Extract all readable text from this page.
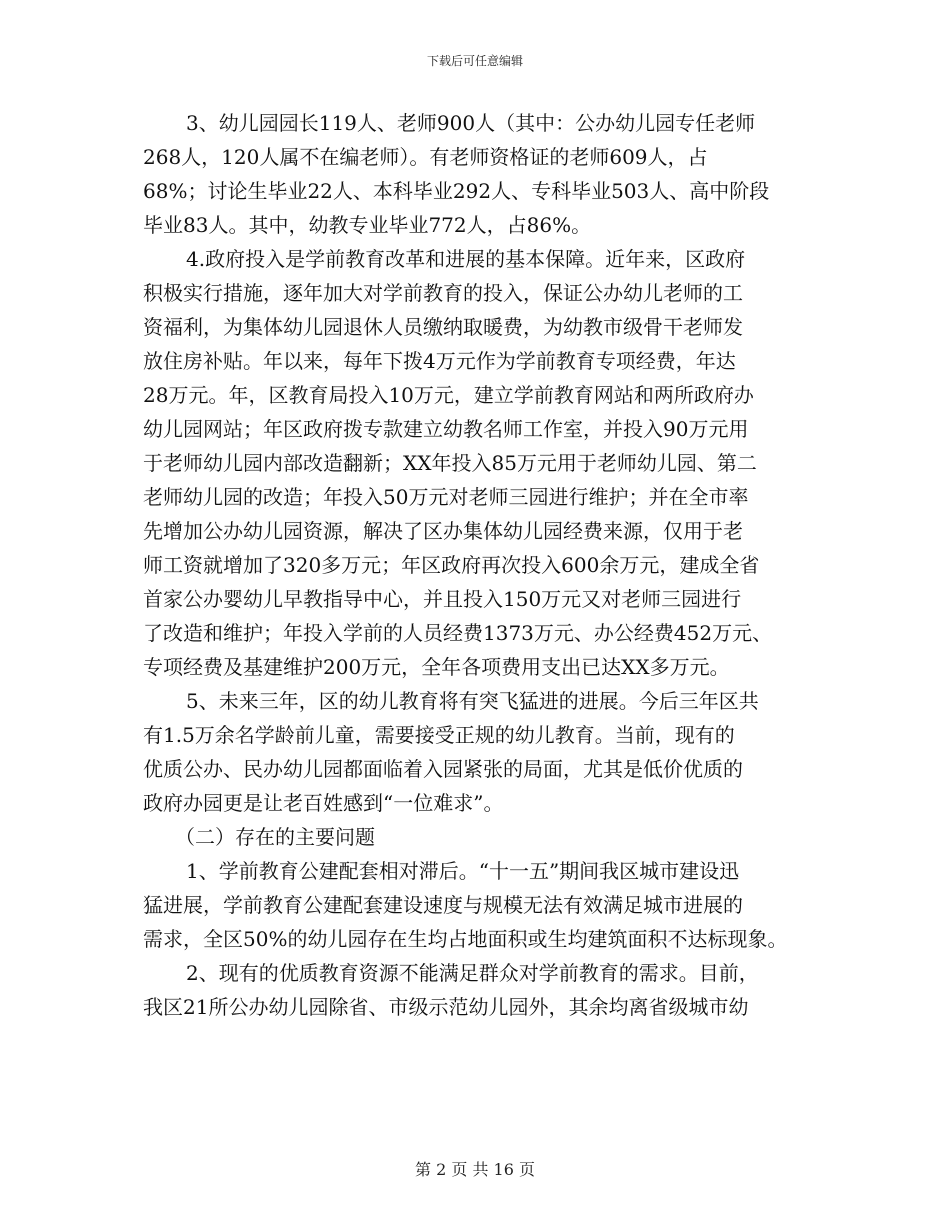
下载后可任意编辑
3、幼儿园园长119人、老师900人（其中：公办幼儿园专任老师
268人，120人属不在编老师）。有老师资格证的老师609人，占
68%；讨论生毕业22人、本科毕业292人、专科毕业503人、高中阶段
毕业83人。其中，幼教专业毕业772人，占86%。
4.政府投入是学前教育改革和进展的基本保障。近年来，区政府
积极实行措施，逐年加大对学前教育的投入，保证公办幼儿老师的工
资福利，为集体幼儿园退休人员缴纳取暖费，为幼教市级骨干老师发
放住房补贴。年以来，每年下拨4万元作为学前教育专项经费，年达
28万元。年，区教育局投入10万元，建立学前教育网站和两所政府办
幼儿园网站；年区政府拨专款建立幼教名师工作室，并投入90万元用
于老师幼儿园内部改造翻新；XX年投入85万元用于老师幼儿园、第二
老师幼儿园的改造；年投入50万元对老师三园进行维护；并在全市率
先增加公办幼儿园资源，解决了区办集体幼儿园经费来源，仅用于老
师工资就增加了320多万元；年区政府再次投入600余万元，建成全省
首家公办婴幼儿早教指导中心，并且投入150万元又对老师三园进行
了改造和维护；年投入学前的人员经费1373万元、办公经费452万元、
专项经费及基建维护200万元，全年各项费用支出已达XX多万元。
5、未来三年，区的幼儿教育将有突飞猛进的进展。今后三年区共
有1.5万余名学龄前儿童，需要接受正规的幼儿教育。当前，现有的
优质公办、民办幼儿园都面临着入园紧张的局面，尤其是低价优质的
政府办园更是让老百姓感到“一位难求”。
（二）存在的主要问题
1、学前教育公建配套相对滞后。“十一五”期间我区城市建设迅
猛进展，学前教育公建配套建设速度与规模无法有效满足城市进展的
需求，全区50%的幼儿园存在生均占地面积或生均建筑面积不达标现象。
2、现有的优质教育资源不能满足群众对学前教育的需求。目前，
我区21所公办幼儿园除省、市级示范幼儿园外，其余均离省级城市幼
第 2 页 共 16 页
